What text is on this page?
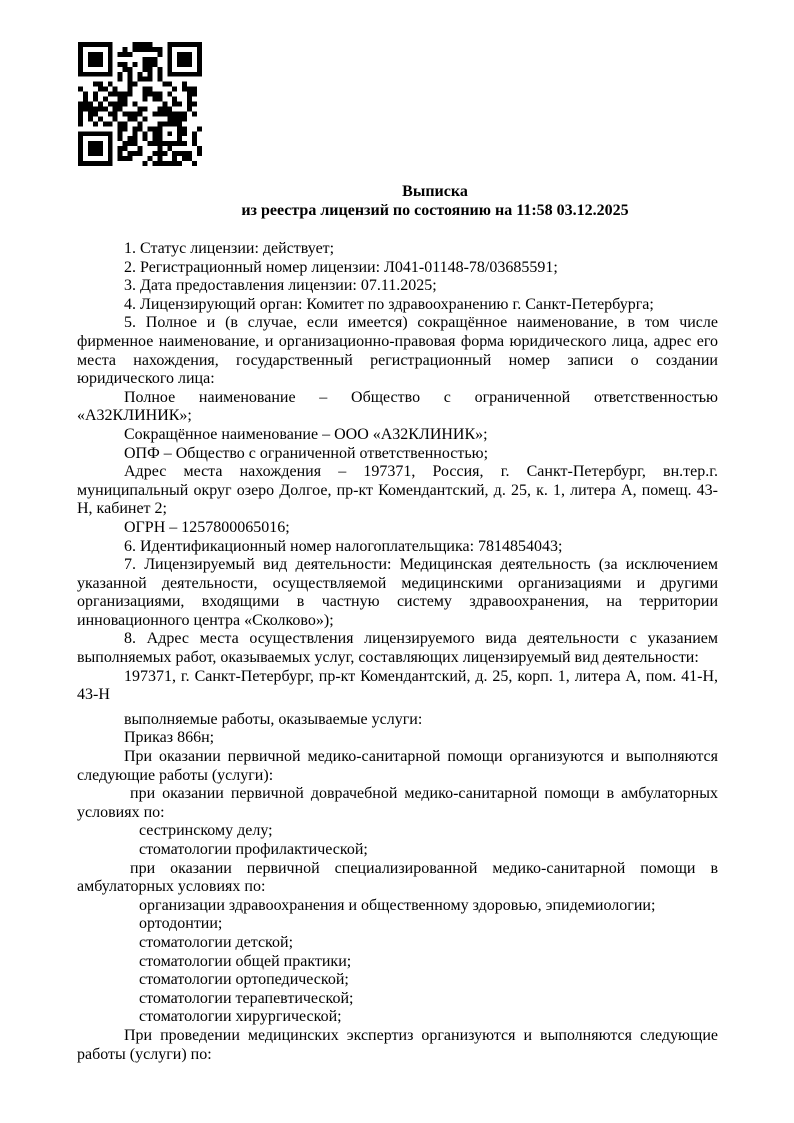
Выписка
из реестра лицензий по состоянию на 11:58 03.12.2025

1. Статус лицензии: действует;

2. Регистрационный номер лицензии: Л041-01148-78/03685591;

3. Дата предоставления лицензии: 07.11.2025;

4. Лицензирующий орган: Комитет по здравоохранению г. Санкт-Петербурга;

5. Полное и (в случае, если имеется) сокращённое наименование, в том числе фирменное наименование, и организационно-правовая форма юридического лица, адрес его места нахождения, государственный регистрационный номер записи о создании юридического лица:

Полное наименование – Общество с ограниченной ответственностью «А32КЛИНИК»;

Сокращённое наименование – ООО «А32КЛИНИК»;

ОПФ – Общество с ограниченной ответственностью;

Адрес места нахождения – 197371, Россия, г. Санкт-Петербург, вн.тер.г. муниципальный округ озеро Долгое, пр-кт Комендантский, д. 25, к. 1, литера А, помещ. 43-Н, кабинет 2;

ОГРН – 1257800065016;

6. Идентификационный номер налогоплательщика: 7814854043;

7. Лицензируемый вид деятельности: Медицинская деятельность (за исключением указанной деятельности, осуществляемой медицинскими организациями и другими организациями, входящими в частную систему здравоохранения, на территории инновационного центра «Сколково»);

8. Адрес места осуществления лицензируемого вида деятельности с указанием выполняемых работ, оказываемых услуг, составляющих лицензируемый вид деятельности:

197371, г. Санкт-Петербург, пр-кт Комендантский, д. 25, корп. 1, литера А, пом. 41-Н, 43-Н

выполняемые работы, оказываемые услуги:

Приказ 866н;

При оказании первичной медико-санитарной помощи организуются и выполняются следующие работы (услуги):

при оказании первичной доврачебной медико-санитарной помощи в амбулаторных условиях по:

сестринскому делу;

стоматологии профилактической;

при оказании первичной специализированной медико-санитарной помощи в амбулаторных условиях по:

организации здравоохранения и общественному здоровью, эпидемиологии;

ортодонтии;

стоматологии детской;

стоматологии общей практики;

стоматологии ортопедической;

стоматологии терапевтической;

стоматологии хирургической;

При проведении медицинских экспертиз организуются и выполняются следующие работы (услуги) по:
